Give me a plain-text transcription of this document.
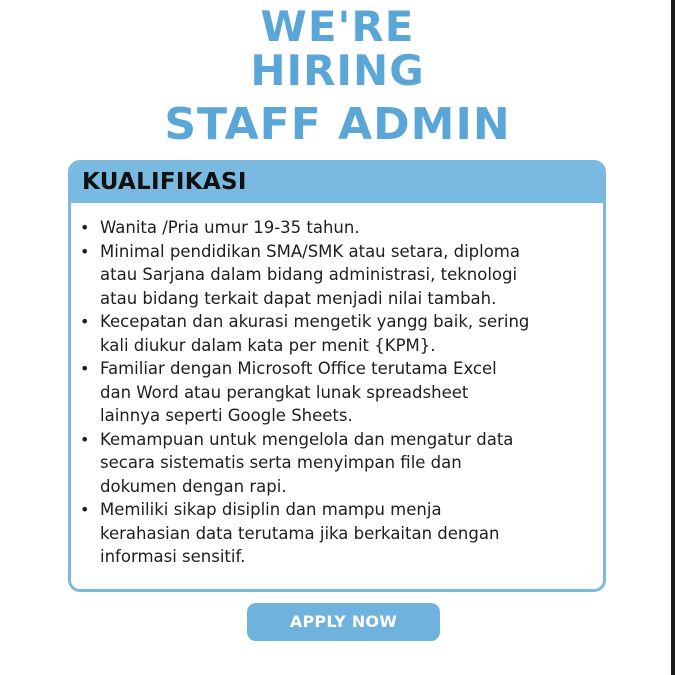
WE'RE
HIRING
STAFF ADMIN
KUALIFIKASI
• Wanita /Pria umur 19-35 tahun.
• Minimal pendidikan SMA/SMK atau setara, diploma
atau Sarjana dalam bidang administrasi, teknologi
atau bidang terkait dapat menjadi nilai tambah.
• Kecepatan dan akurasi mengetik yangg baik, sering
kali diukur dalam kata per menit {KPM}.
• Familiar dengan Microsoft Office terutama Excel
dan Word atau perangkat lunak spreadsheet
lainnya seperti Google Sheets.
• Kemampuan untuk mengelola dan mengatur data
secara sistematis serta menyimpan file dan
dokumen dengan rapi.
• Memiliki sikap disiplin dan mampu menja
kerahasian data terutama jika berkaitan dengan
informasi sensitif.
APPLY NOW
